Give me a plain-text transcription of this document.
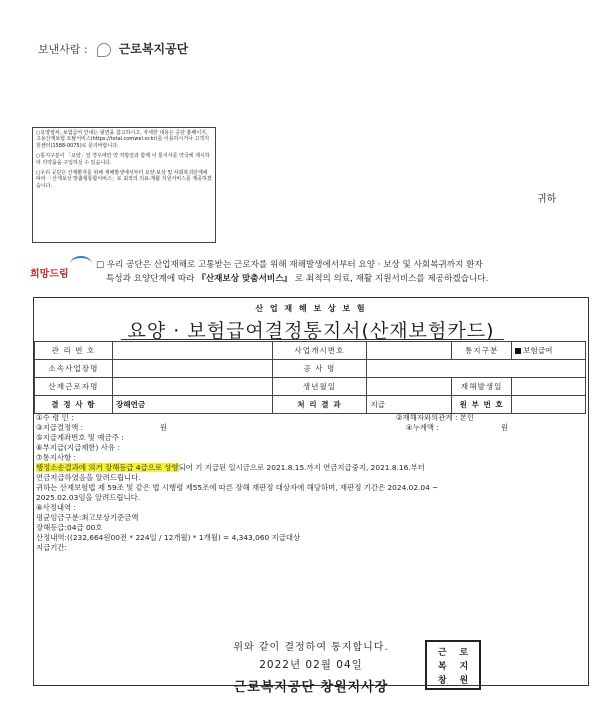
보낸사람 :	근로복지공단

○요양절차, 보험급여 안내는 뒷면을 참고하시고, 자세한 내용은 공단 홈페이지, 고용산재보험 토탈서비스(https://total.comwel.or.kr)를 이용하시거나 고객지원센터(1588-0075)로 문의바랍니다.

○통지구분이 「요양」일 경우에만 약 처방전과 함께 이 통지서를 약국에 제시하여 의약품을 구입하실 수 있습니다.

○우리 공단은 산재환자를 위해 재해발생에서부터 요양·보상 및 사회복귀단계에 따라 「산재보상 맞춤형통합서비스」로 최적의 의료·재활 지원서비스를 제공하겠습니다.

귀하
희망드림
□ 우리 공단은 산업재해로 고통받는 근로자를 위해 재해발생에서부터 요양 · 보상 및 사회복귀까지 환자
특성과 요양단계에 따라 『산재보상 맞춤서비스』 로 최적의 의료, 재활 지원서비스를 제공하겠습니다.
산 업 재 해 보 상 보 험
요양 · 보험급여결정통지서(산재보험카드)
관 리 번 호		사업개시번호		통지구분	보험급여
소속사업장명		공 사 명			
산재근로자명		생년월일		재해발생일	
결 정 사 항	장해연금	처 리 결 과	지급	원 부 번 호	
①수 령 인 :	②재해자와의관계 : 본인
③지급결정액 :	원	④누계액 :	원
⑤지급계좌번호 및 예금주 :
⑥부지급(지급제한) 사유 :
⑦통지사항 :
행정소송결과에 의거 장해등급 4급으로 상향되어 기 지급된 일시금으로 2021.8.15.까지 연금지급중지, 2021.8.16.부터
연금지급하였음을 알려드립니다.
귀하는 산재보험법 제 59조 및 같은 법 시행령 제55조에 따른 장해 재판정 대상자에 해당하며, 재판정 기간은 2024.02.04 ~
2025.02.03임을 알려드립니다.
⑧사정내역 :
평균임금구분:최고보상기준금액
장해등급:04급 00호
산정내역:((232,664원00전 * 224일 / 12개월) * 1개월) = 4,343,060 지급대상
지급기간:
위와 같이 결정하여 통지합니다.
2022년 02월 04일
근로복지공단 창원지사장
근	로
복	지
창	원
